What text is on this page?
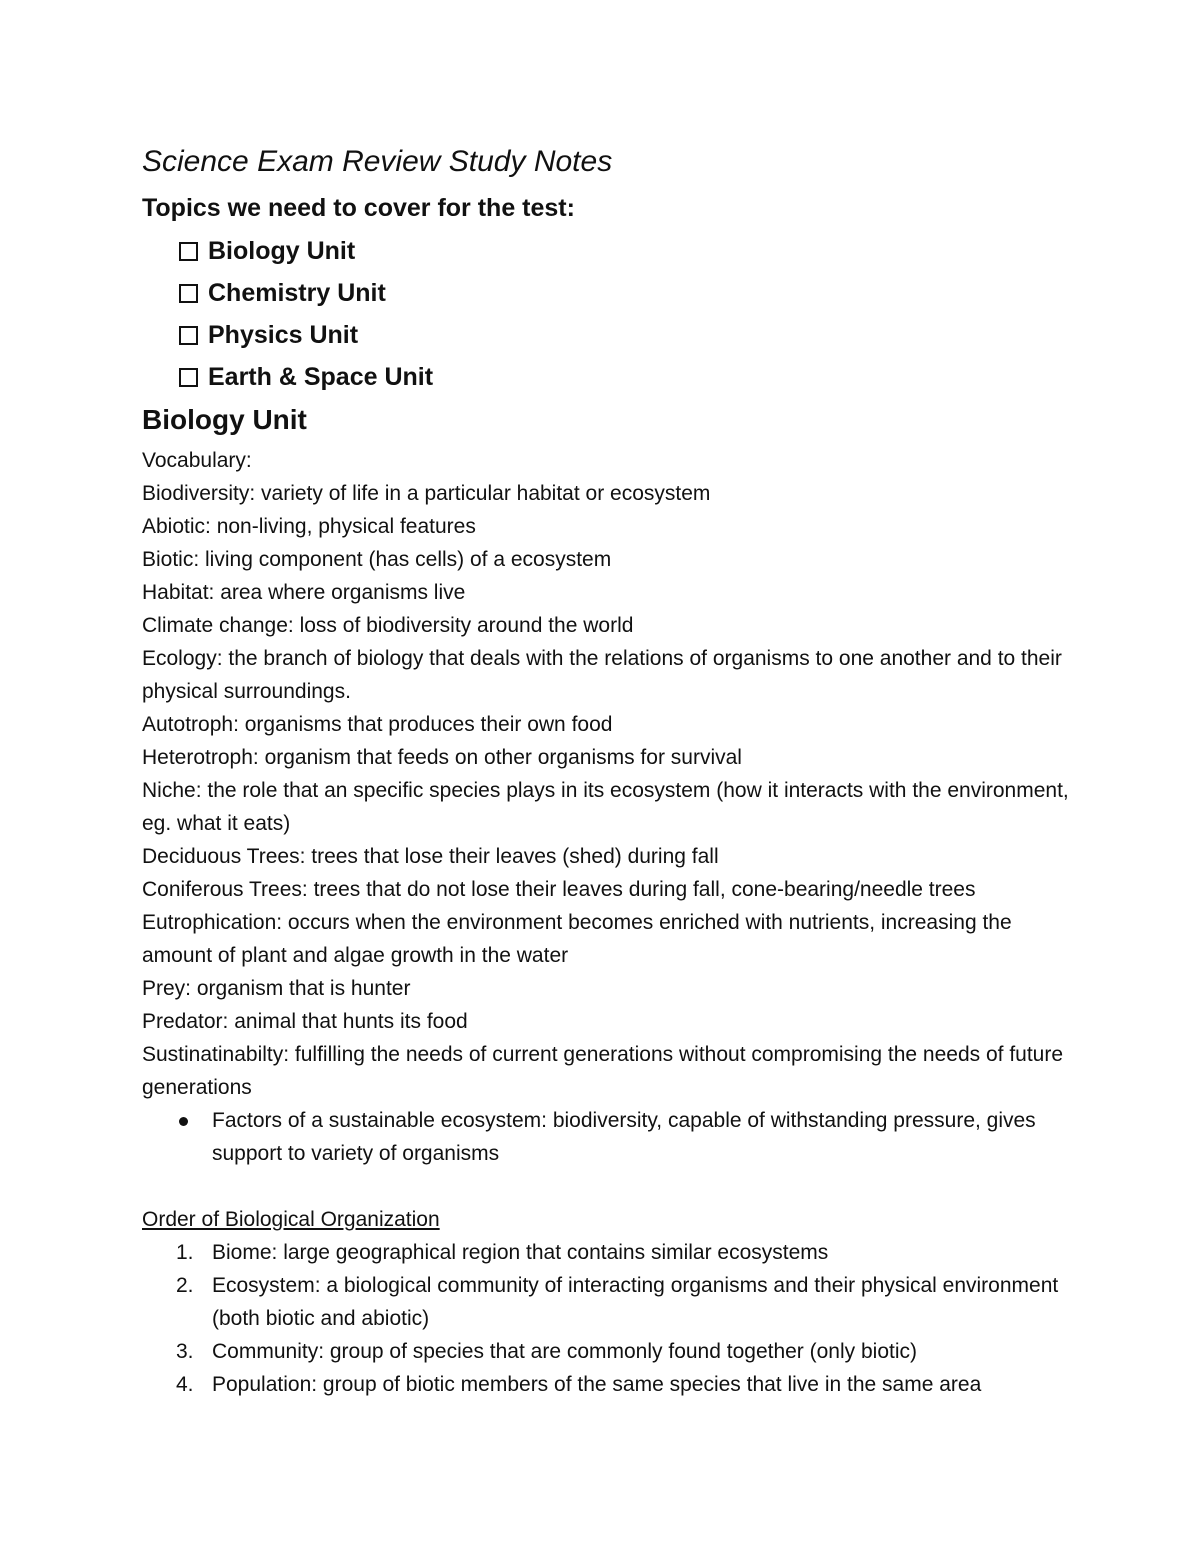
Science Exam Review Study Notes
Topics we need to cover for the test:
Biology Unit
Chemistry Unit
Physics Unit
Earth & Space Unit
Biology Unit
Vocabulary:
Biodiversity: variety of life in a particular habitat or ecosystem
Abiotic: non-living, physical features
Biotic: living component (has cells) of a ecosystem
Habitat: area where organisms live
Climate change: loss of biodiversity around the world
Ecology: the branch of biology that deals with the relations of organisms to one another and to their physical surroundings.
Autotroph: organisms that produces their own food
Heterotroph: organism that feeds on other organisms for survival
Niche: the role that an specific species plays in its ecosystem (how it interacts with the environment, eg. what it eats)
Deciduous Trees: trees that lose their leaves (shed) during fall
Coniferous Trees: trees that do not lose their leaves during fall, cone-bearing/needle trees
Eutrophication: occurs when the environment becomes enriched with nutrients, increasing the amount of plant and algae growth in the water
Prey: organism that is hunter
Predator: animal that hunts its food
Sustinatinabilty: fulfilling the needs of current generations without compromising the needs of future generations
Factors of a sustainable ecosystem: biodiversity, capable of withstanding pressure, gives support to variety of organisms
Order of Biological Organization
1. Biome: large geographical region that contains similar ecosystems
2. Ecosystem: a biological community of interacting organisms and their physical environment (both biotic and abiotic)
3. Community: group of species that are commonly found together (only biotic)
4. Population: group of biotic members of the same species that live in the same area
